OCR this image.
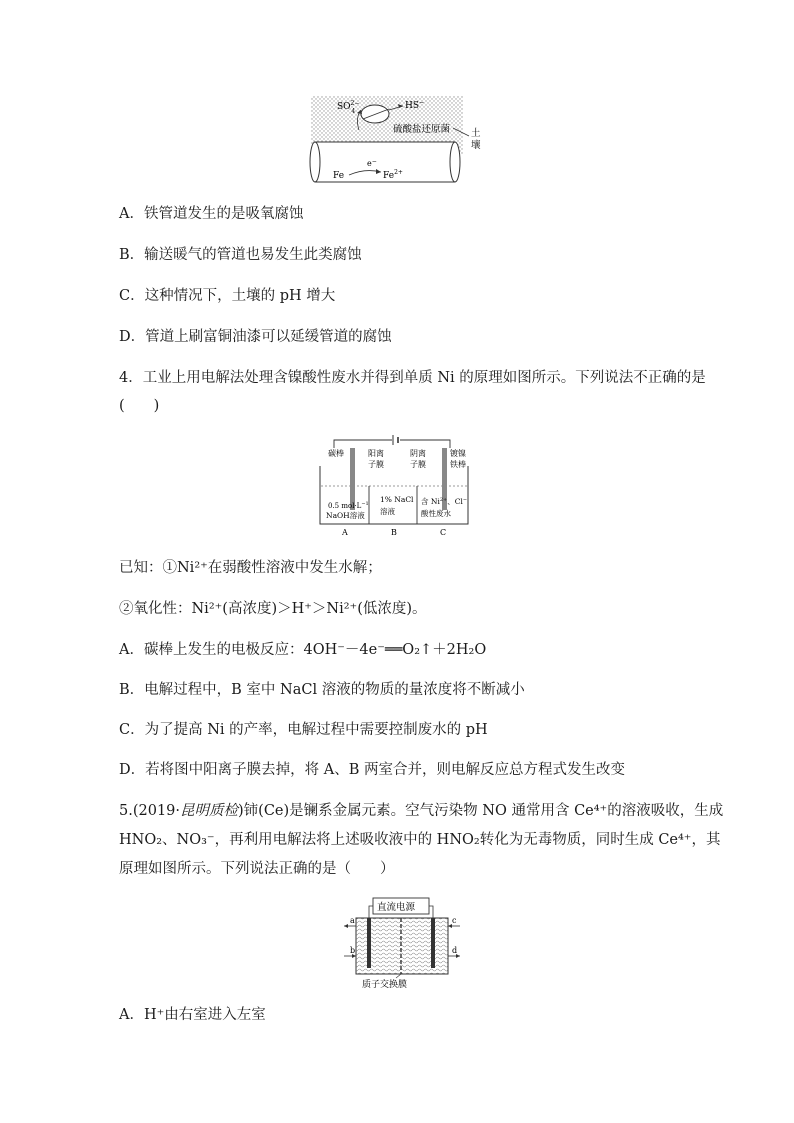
$SO^{2-}$ 4
HS−
硫酸盐还原菌 土
壤
Fe
e−
$Fe^{2+}$
A．铁管道发生的是吸氧腐蚀
B．输送暖气的管道也易发生此类腐蚀
C．这种情况下，土壤的 pH 增大
D．管道上刷富铜油漆可以延缓管道的腐蚀
4．工业上用电解法处理含镍酸性废水并得到单质 Ni 的原理如图所示。下列说法不正确的是
(　　)
碳棒	阳离
子膜
阴离
子膜
镀镍
铁棒
0.5 $mol\cdot L^{-1}$
NaOH溶液
1% NaCl
溶液
含 $Ni^{2+}$、Cl−
酸性废水
A	B	C
已知：①Ni²⁺在弱酸性溶液中发生水解；
②氧化性：Ni²⁺(高浓度)＞H⁺＞Ni²⁺(低浓度)。
A．碳棒上发生的电极反应：4OH⁻－4e⁻══O₂↑＋2H₂O
B．电解过程中，B 室中 NaCl 溶液的物质的量浓度将不断减小
C．为了提高 Ni 的产率，电解过程中需要控制废水的 pH
D．若将图中阳离子膜去掉，将 A、B 两室合并，则电解反应总方程式发生改变
5.(2019·昆明质检)铈(Ce)是镧系金属元素。空气污染物 NO 通常用含 Ce⁴⁺的溶液吸收，生成
HNO₂、NO₃⁻，再利用电解法将上述吸收液中的 HNO₂转化为无毒物质，同时生成 Ce⁴⁺，其
原理如图所示。下列说法正确的是（　　）
直流电源
a
b
c
d
质子交换膜
A．H⁺由右室进入左室
